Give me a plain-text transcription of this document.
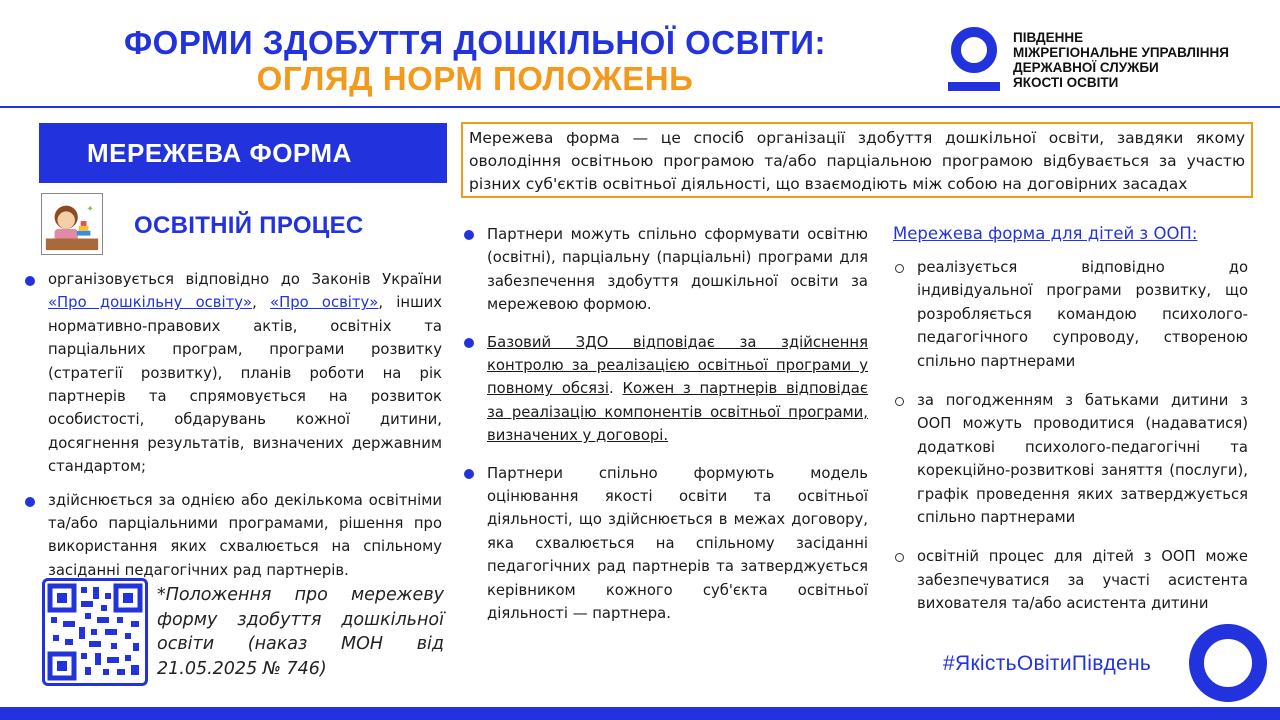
ФОРМИ ЗДОБУТТЯ ДОШКІЛЬНОЇ ОСВІТИ:
ОГЛЯД НОРМ ПОЛОЖЕНЬ
ПІВДЕННЕ
МІЖРЕГІОНАЛЬНЕ УПРАВЛІННЯ
ДЕРЖАВНОЇ СЛУЖБИ
ЯКОСТІ ОСВІТИ
МЕРЕЖЕВА ФОРМА	Мережева форма — це спосіб організації здобуття дошкільної освіти, завдяки якому оволодіння освітньою програмою та/або парціальною програмою відбувається за участю різних суб'єктів освітньої діяльності, що взаємодіють між собою на договірних засадах
✦
ОСВІТНІЙ ПРОЦЕС
організовується відповідно до Законів України «Про дошкільну освіту», «Про освіту», інших нормативно-правових актів, освітніх та парціальних програм, програми розвитку (стратегії розвитку), планів роботи на рік партнерів та спрямовується на розвиток особистості, обдарувань кожної дитини, досягнення результатів, визначених державним стандартом;
здійснюється за однією або декількома освітніми та/або парціальними програмами, рішення про використання яких схвалюється на спільному засіданні педагогічних рад партнерів.
Партнери можуть спільно сформувати освітню (освітні), парціальну (парціальні) програми для забезпечення здобуття дошкільної освіти за мережевою формою.
Базовий ЗДО відповідає за здійснення контролю за реалізацією освітньої програми у повному обсязі. Кожен з партнерів відповідає за реалізацію компонентів освітньої програми, визначених у договорі.
Партнери спільно формують модель оцінювання якості освіти та освітньої діяльності, що здійснюється в межах договору, яка схвалюється на спільному засіданні педагогічних рад партнерів та затверджується керівником кожного суб'єкта освітньої діяльності — партнера.
Мережева форма для дітей з ООП:
реалізується відповідно до індивідуальної програми розвитку, що розробляється командою психолого-педагогічного супроводу, створеною спільно партнерами
за погодженням з батьками дитини з ООП можуть проводитися (надаватися) додаткові психолого-педагогічні та корекційно-розвиткові заняття (послуги), графік проведення яких затверджується спільно партнерами
освітній процес для дітей з ООП може забезпечуватися за участі асистента вихователя та/або асистента дитини
*Положення про мережеву форму здобуття дошкільної освіти (наказ МОН від 21.05.2025 № 746)	#ЯкістьОвітиПівдень
